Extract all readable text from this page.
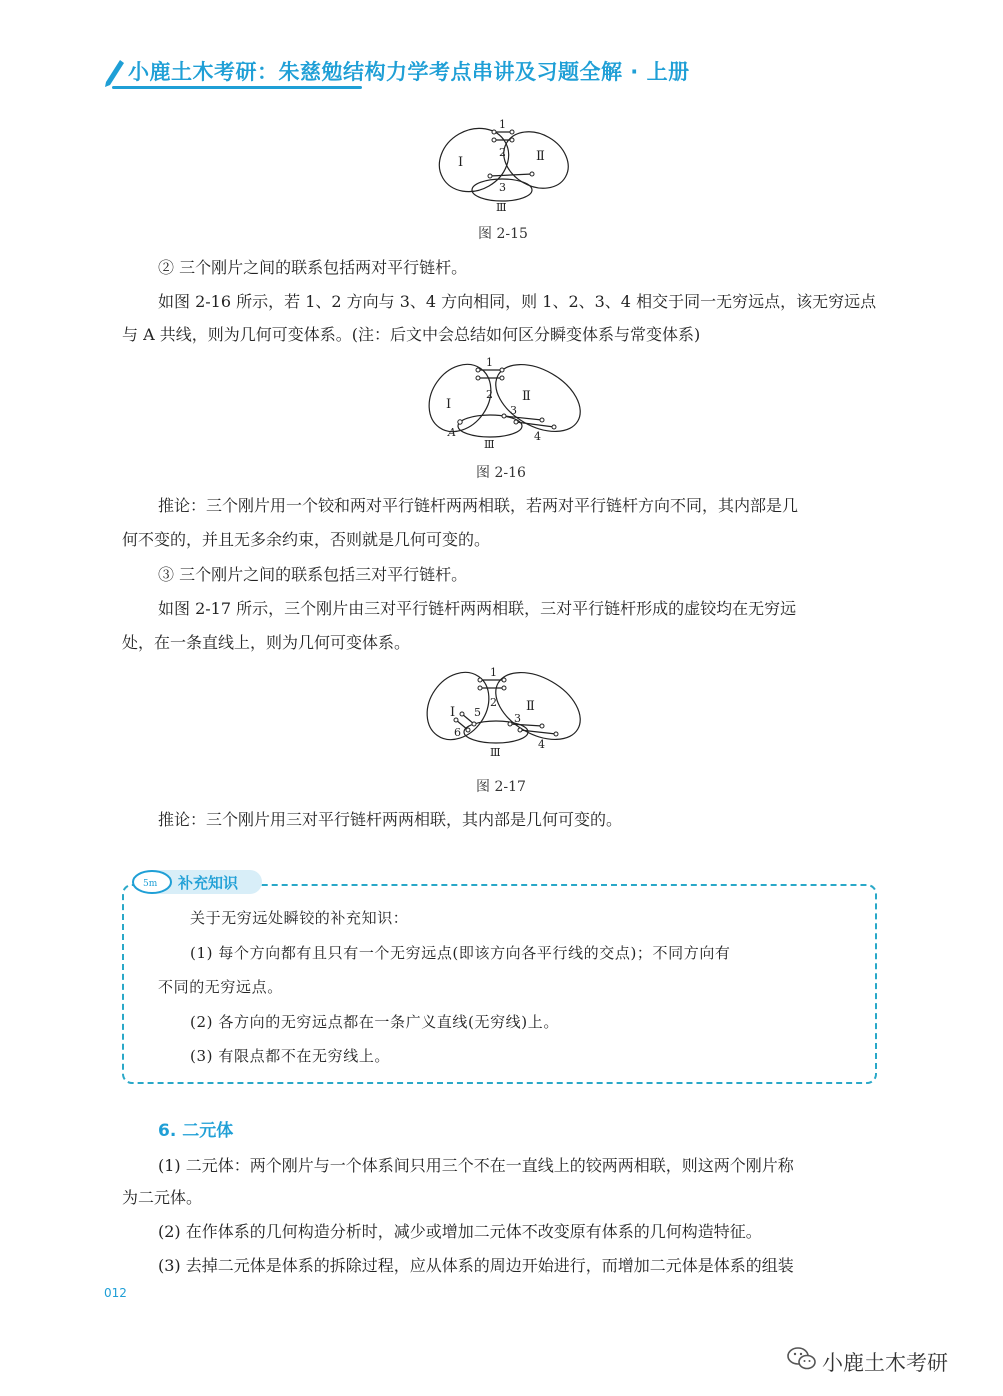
小鹿土木考研：朱慈勉结构力学考点串讲及习题全解 · 上册
1
2
3
Ⅰ	Ⅱ
Ⅲ
图 2-15
② 三个刚片之间的联系包括两对平行链杆。
如图 2-16 所示，若 1、2 方向与 3、4 方向相同，则 1、2、3、4 相交于同一无穷远点，该无穷远点
与 A 共线，则为几何可变体系。(注：后文中会总结如何区分瞬变体系与常变体系)
1
2
3
4
Ⅰ
Ⅱ
Ⅲ
A
图 2-16
推论：三个刚片用一个铰和两对平行链杆两两相联，若两对平行链杆方向不同，其内部是几
何不变的，并且无多余约束，否则就是几何可变的。
③ 三个刚片之间的联系包括三对平行链杆。
如图 2-17 所示，三个刚片由三对平行链杆两两相联，三对平行链杆形成的虚铰均在无穷远
处，在一条直线上，则为几何可变体系。
1
2
3
4
5
6
Ⅰ	Ⅱ
Ⅲ
图 2-17
推论：三个刚片用三对平行链杆两两相联，其内部是几何可变的。
5m 补充知识
关于无穷远处瞬铰的补充知识：
(1) 每个方向都有且只有一个无穷远点(即该方向各平行线的交点)；不同方向有
不同的无穷远点。
(2) 各方向的无穷远点都在一条广义直线(无穷线)上。
(3) 有限点都不在无穷线上。
6. 二元体
(1) 二元体：两个刚片与一个体系间只用三个不在一直线上的铰两两相联，则这两个刚片称
为二元体。
(2) 在作体系的几何构造分析时，减少或增加二元体不改变原有体系的几何构造特征。
(3) 去掉二元体是体系的拆除过程，应从体系的周边开始进行，而增加二元体是体系的组装
012
小鹿土木考研
